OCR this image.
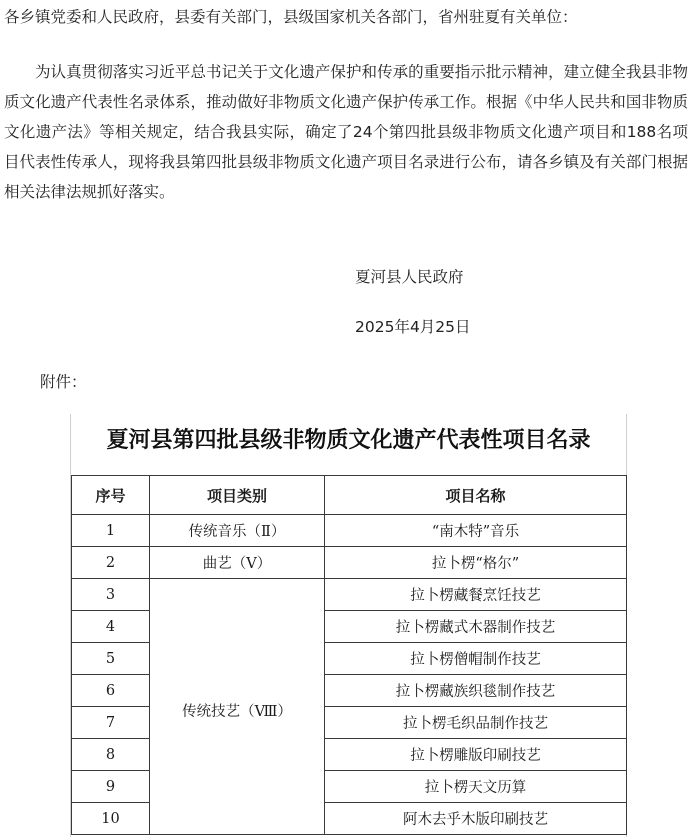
各乡镇党委和人民政府，县委有关部门，县级国家机关各部门，省州驻夏有关单位：
为认真贯彻落实习近平总书记关于文化遗产保护和传承的重要指示批示精神，建立健全我县非物质文化遗产代表性名录体系，推动做好非物质文化遗产保护传承工作。根据《中华人民共和国非物质文化遗产法》等相关规定，结合我县实际，确定了24个第四批县级非物质文化遗产项目和188名项目代表性传承人，现将我县第四批县级非物质文化遗产项目名录进行公布，请各乡镇及有关部门根据相关法律法规抓好落实。
夏河县人民政府
2025年4月25日
附件：
夏河县第四批县级非物质文化遗产代表性项目名录
序号	项目类别	项目名称
1	传统音乐（Ⅱ）	“南木特”音乐
2	曲艺（Ⅴ）	拉卜楞“格尔”
3	传统技艺（Ⅷ）	拉卜楞藏餐烹饪技艺
4		拉卜楞藏式木器制作技艺
5		拉卜楞僧帽制作技艺
6		拉卜楞藏族织毯制作技艺
7		拉卜楞毛织品制作技艺
8		拉卜楞雕版印刷技艺
9		拉卜楞天文历算
10		阿木去乎木版印刷技艺
